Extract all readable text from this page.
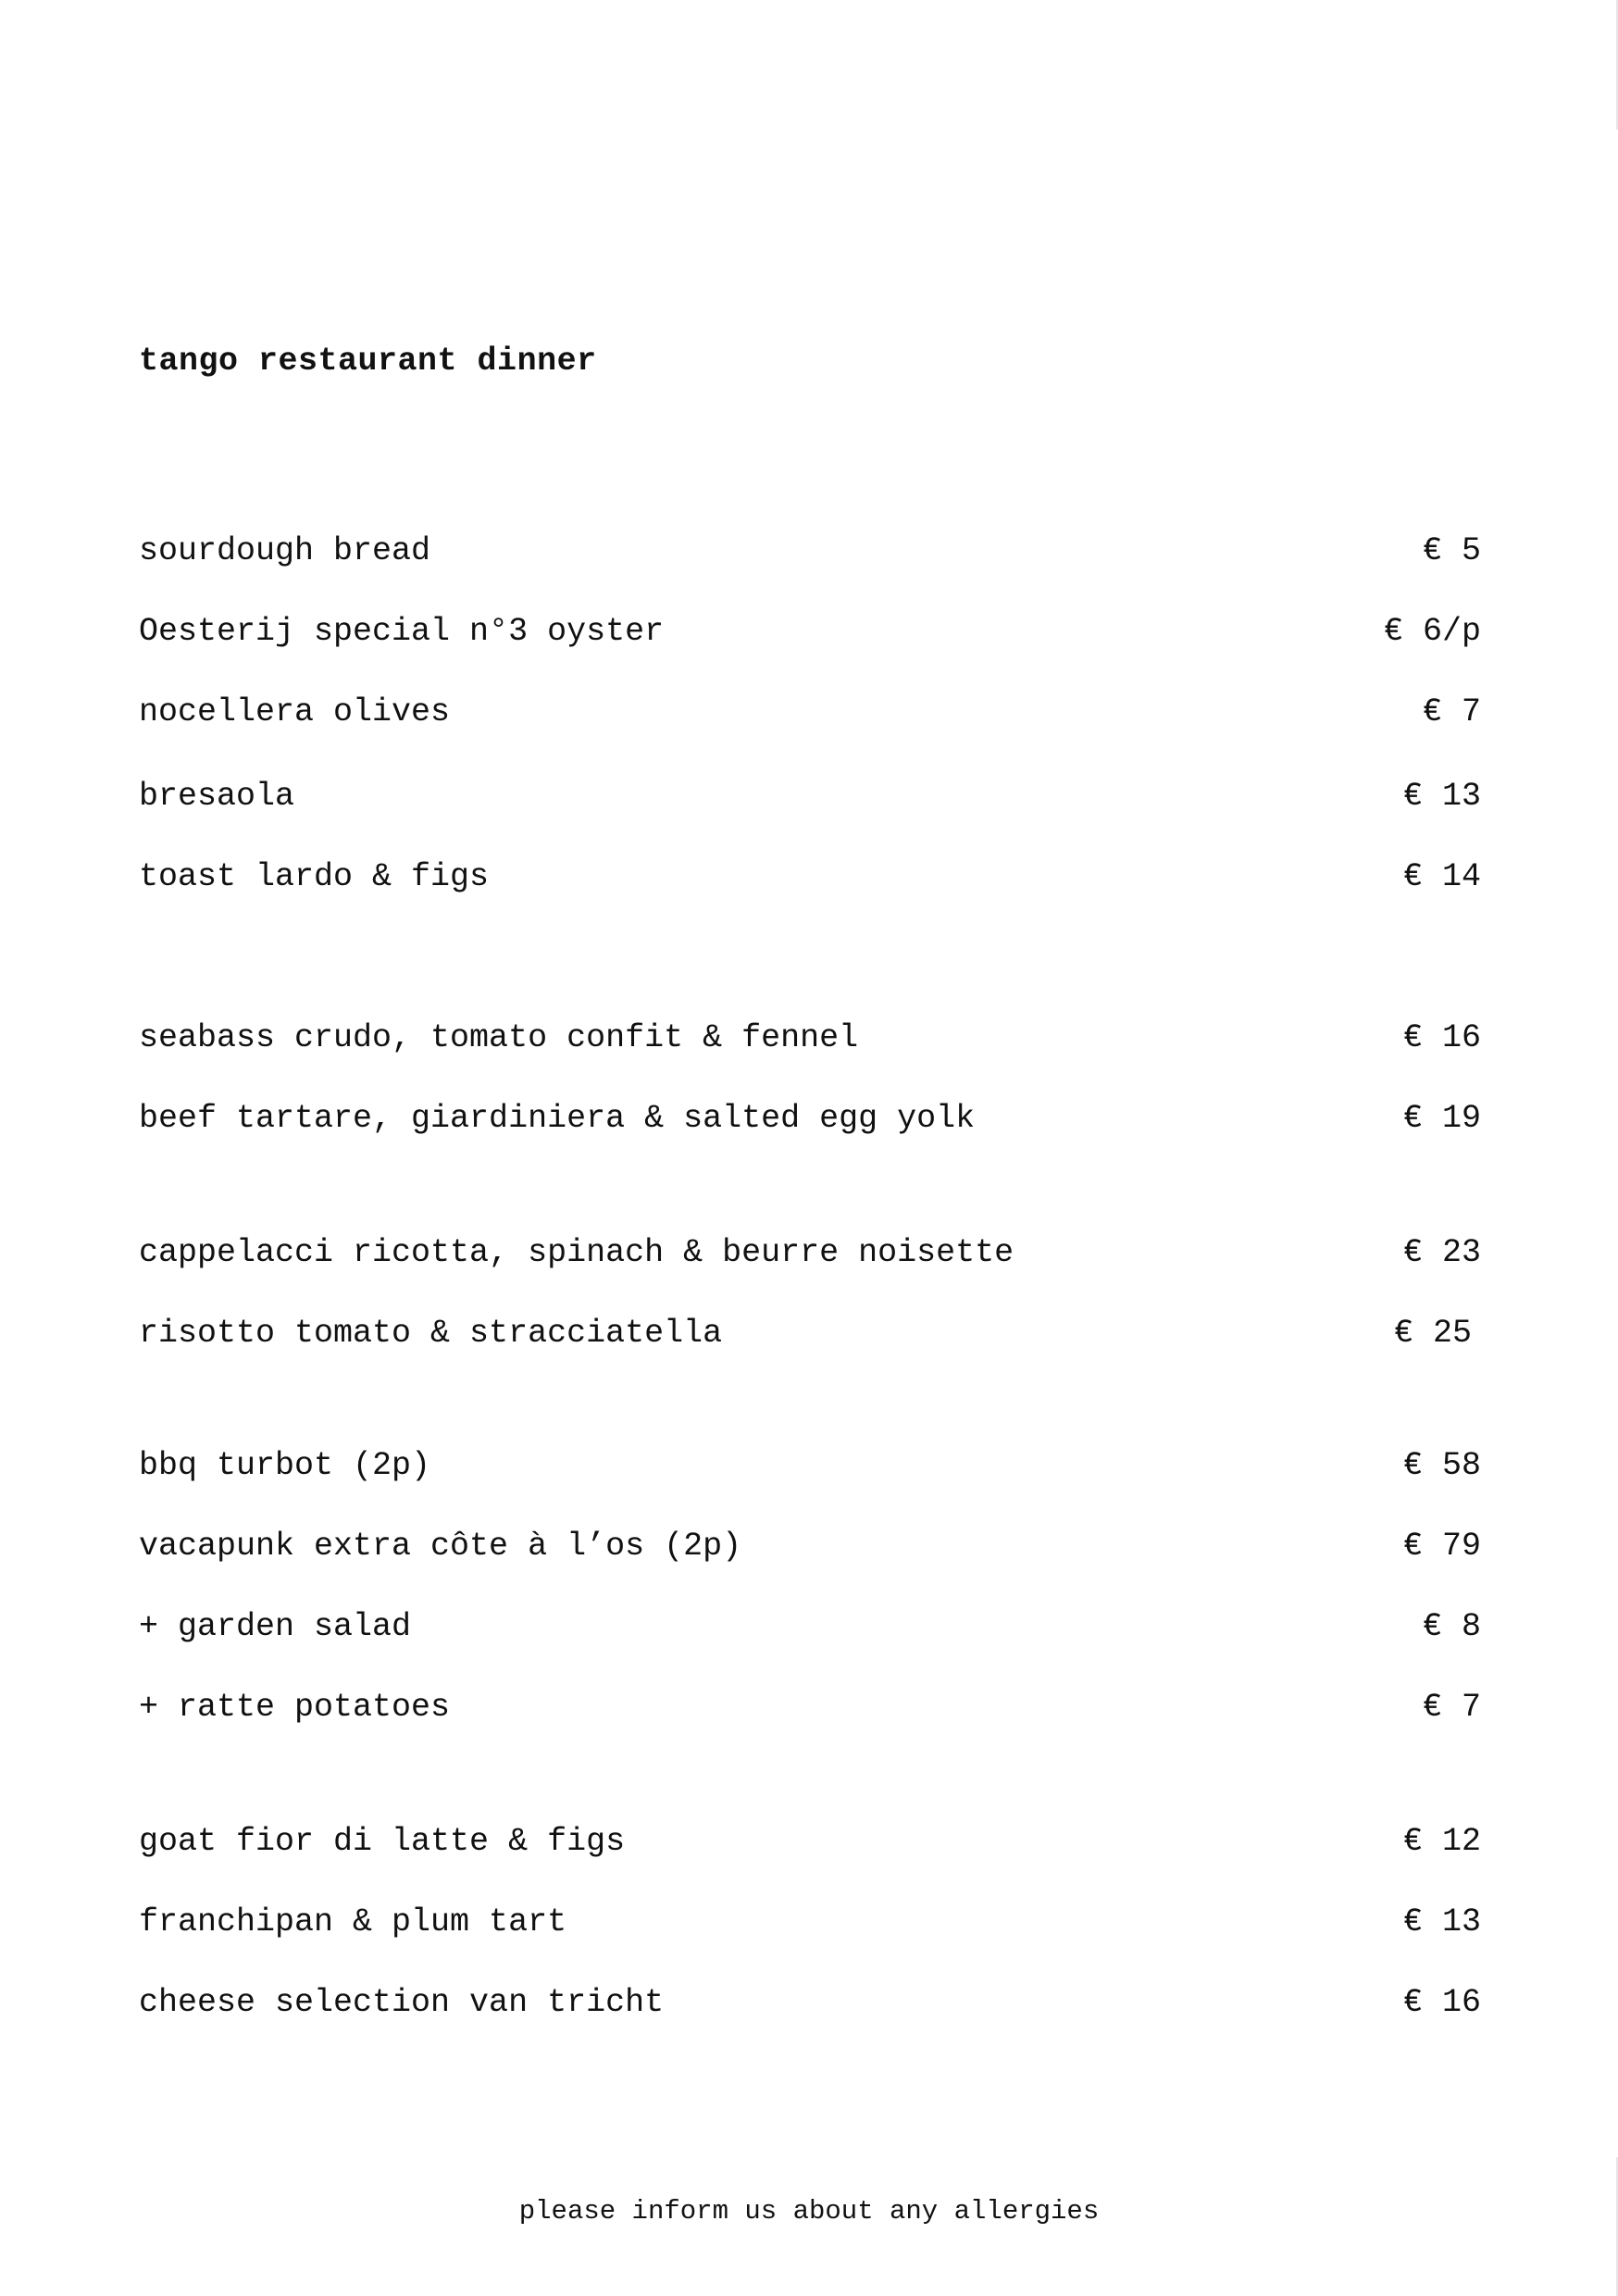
tango restaurant dinner
sourdough bread	€ 5
Oesterij special n°3 oyster	€ 6/p
nocellera olives	€ 7
bresaola	€ 13
toast lardo & figs	€ 14
seabass crudo, tomato confit & fennel	€ 16
beef tartare, giardiniera & salted egg yolk	€ 19
cappelacci ricotta, spinach & beurre noisette	€ 23
risotto tomato & stracciatella	€ 25
bbq turbot (2p)	€ 58
vacapunk extra côte à l’os (2p)	€ 79
+ garden salad	€ 8
+ ratte potatoes	€ 7
goat fior di latte & figs	€ 12
franchipan & plum tart	€ 13
cheese selection van tricht	€ 16
please inform us about any allergies
